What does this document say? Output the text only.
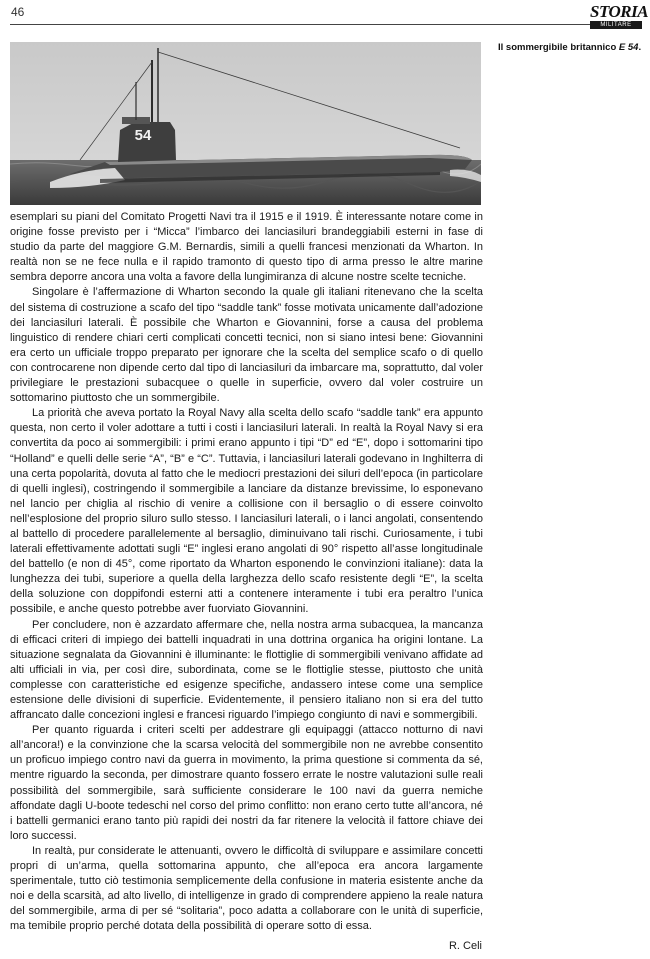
46	STORIA
MILITARE
54
Il sommergibile britannico E 54.

esemplari su piani del Comitato Progetti Navi tra il 1915 e il 1919. È interessante notare come in origine fosse previsto per i “Micca” l’imbarco dei lanciasiluri brandeggiabili esterni in fase di studio da parte del maggiore G.M. Bernardis, simili a quelli francesi menzionati da Wharton. In realtà non se ne fece nulla e il rapido tramonto di questo tipo di arma presso le altre marine sembra deporre ancora una volta a favore della lungimiranza di alcune nostre scelte tecniche.

Singolare è l’affermazione di Wharton secondo la quale gli italiani ritenevano che la scelta del sistema di costruzione a scafo del tipo “saddle tank” fosse motivata unicamente dall’adozione dei lanciasiluri laterali. È possibile che Wharton e Giovannini, forse a causa del problema linguistico di rendere chiari certi complicati concetti tecnici, non si siano intesi bene: Giovannini era certo un ufficiale troppo preparato per ignorare che la scelta del semplice scafo o di quello con controcarene non dipende certo dal tipo di lanciasiluri da imbarcare ma, soprattutto, dal voler privilegiare le prestazioni subacquee o quelle in superficie, ovvero dal voler costruire un sottomarino piuttosto che un sommergibile.

La priorità che aveva portato la Royal Navy alla scelta dello scafo “saddle tank” era appunto questa, non certo il voler adottare a tutti i costi i lanciasiluri laterali. In realtà la Royal Navy si era convertita da poco ai sommergibili: i primi erano appunto i tipi “D” ed “E”, dopo i sottomarini tipo “Holland” e quelli delle serie “A”, “B” e “C”. Tuttavia, i lanciasiluri laterali godevano in Inghilterra di una certa popolarità, dovuta al fatto che le mediocri prestazioni dei siluri dell’epoca (in particolare di quelli inglesi), costringendo il sommergibile a lanciare da distanze brevissime, lo esponevano nel lancio per chiglia al rischio di venire a collisione con il bersaglio o di essere coinvolto nell’esplosione del proprio siluro sullo stesso. I lanciasiluri laterali, o i lanci angolati, consentendo al battello di procedere parallelemente al bersaglio, diminuivano tali rischi. Curiosamente, i tubi laterali effettivamente adottati sugli “E” inglesi erano angolati di 90° rispetto all’asse longitudinale del battello (e non di 45°, come riportato da Wharton esponendo le convinzioni italiane): data la lunghezza dei tubi, superiore a quella della larghezza dello scafo resistente degli “E”, la scelta della soluzione con doppifondi esterni atti a contenere interamente i tubi era peraltro l’unica possibile, e anche questo potrebbe aver fuorviato Giovannini.

Per concludere, non è azzardato affermare che, nella nostra arma subacquea, la mancanza di efficaci criteri di impiego dei battelli inquadrati in una dottrina organica ha origini lontane. La situazione segnalata da Giovannini è illuminante: le flottiglie di sommergibili venivano affidate ad alti ufficiali in via, per così dire, subordinata, come se le flottiglie stesse, piuttosto che unità complesse con caratteristiche ed esigenze specifiche, andassero intese come una semplice estensione delle divisioni di superficie. Evidentemente, il pensiero italiano non si era del tutto affrancato dalle concezioni inglesi e francesi riguardo l’impiego congiunto di navi e sommergibili.

Per quanto riguarda i criteri scelti per addestrare gli equipaggi (attacco notturno di navi all’ancora!) e la convinzione che la scarsa velocità del sommergibile non ne avrebbe consentito un proficuo impiego contro navi da guerra in movimento, la prima questione si commenta da sé, mentre riguardo la seconda, per dimostrare quanto fossero errate le nostre valutazioni sulle reali possibilità del sommergibile, sarà sufficiente considerare le 100 navi da guerra nemiche affondate dagli U-boote tedeschi nel corso del primo conflitto: non erano certo tutte all’ancora, né i battelli germanici erano tanto più rapidi dei nostri da far ritenere la velocità il fattore chiave dei loro successi.

In realtà, pur considerate le attenuanti, ovvero le difficoltà di sviluppare e assimilare concetti propri di un’arma, quella sottomarina appunto, che all’epoca era ancora largamente sperimentale, tutto ciò testimonia semplicemente della confusione in materia esistente anche da noi e della scarsità, ad alto livello, di intelligenze in grado di comprendere appieno la reale natura del sommergibile, arma di per sé “solitaria”, poco adatta a collaborare con le unità di superficie, ma temibile proprio perché dotata della possibilità di operare sotto di essa.

R. Celi
